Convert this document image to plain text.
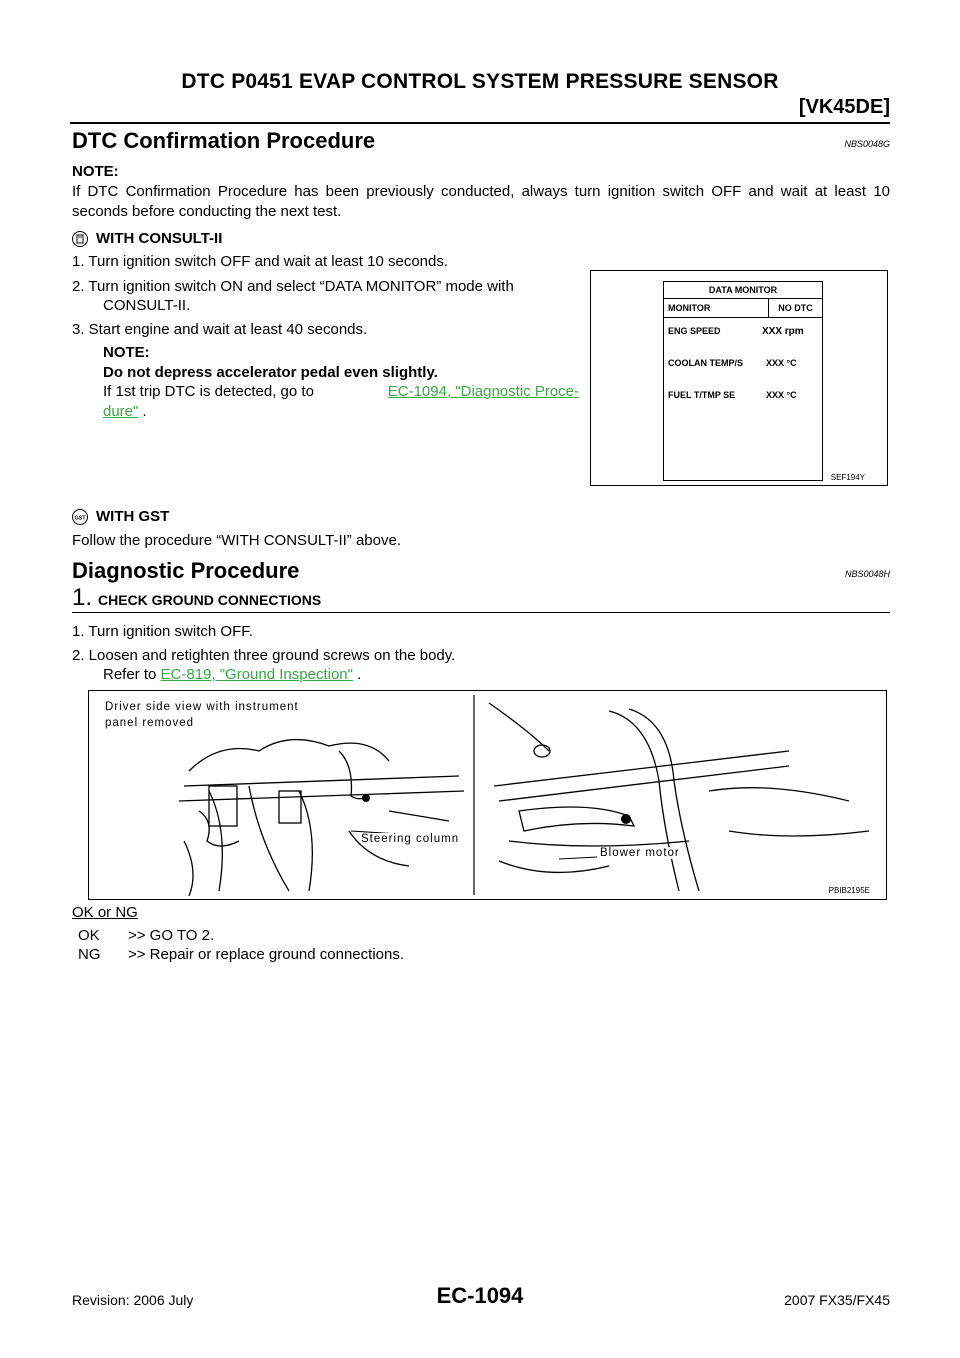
DTC P0451 EVAP CONTROL SYSTEM PRESSURE SENSOR
[VK45DE]
DTC Confirmation Procedure	NBS0048G
NOTE:
If DTC Confirmation Procedure has been previously conducted, always turn ignition switch OFF and wait at least 10 seconds before conducting the next test.
WITH CONSULT-II
1. Turn ignition switch OFF and wait at least 10 seconds.
2. Turn ignition switch ON and select “DATA MONITOR” mode with
CONSULT-II.
3. Start engine and wait at least 40 seconds.
NOTE:
Do not depress accelerator pedal even slightly.
If 1st trip DTC is detected, go to	EC-1094, "Diagnostic Proce-
dure" .
DATA MONITOR
MONITOR	NO DTC
ENG SPEED	XXX rpm
COOLAN TEMP/S	XXX °C
FUEL T/TMP SE	XXX °C
SEF194Y
GST WITH GST
Follow the procedure “WITH CONSULT-II” above.
Diagnostic Procedure	NBS0048H
1. CHECK GROUND CONNECTIONS
1. Turn ignition switch OFF.
2. Loosen and retighten three ground screws on the body.
Refer to EC-819, "Ground Inspection" .
Driver side view with instrument
panel removed
Steering column
Blower motor
PBIB2195E
OK or NG
OK >> GO TO 2.
NG >> Repair or replace ground connections.
Revision: 2006 July	EC-1094	2007 FX35/FX45
